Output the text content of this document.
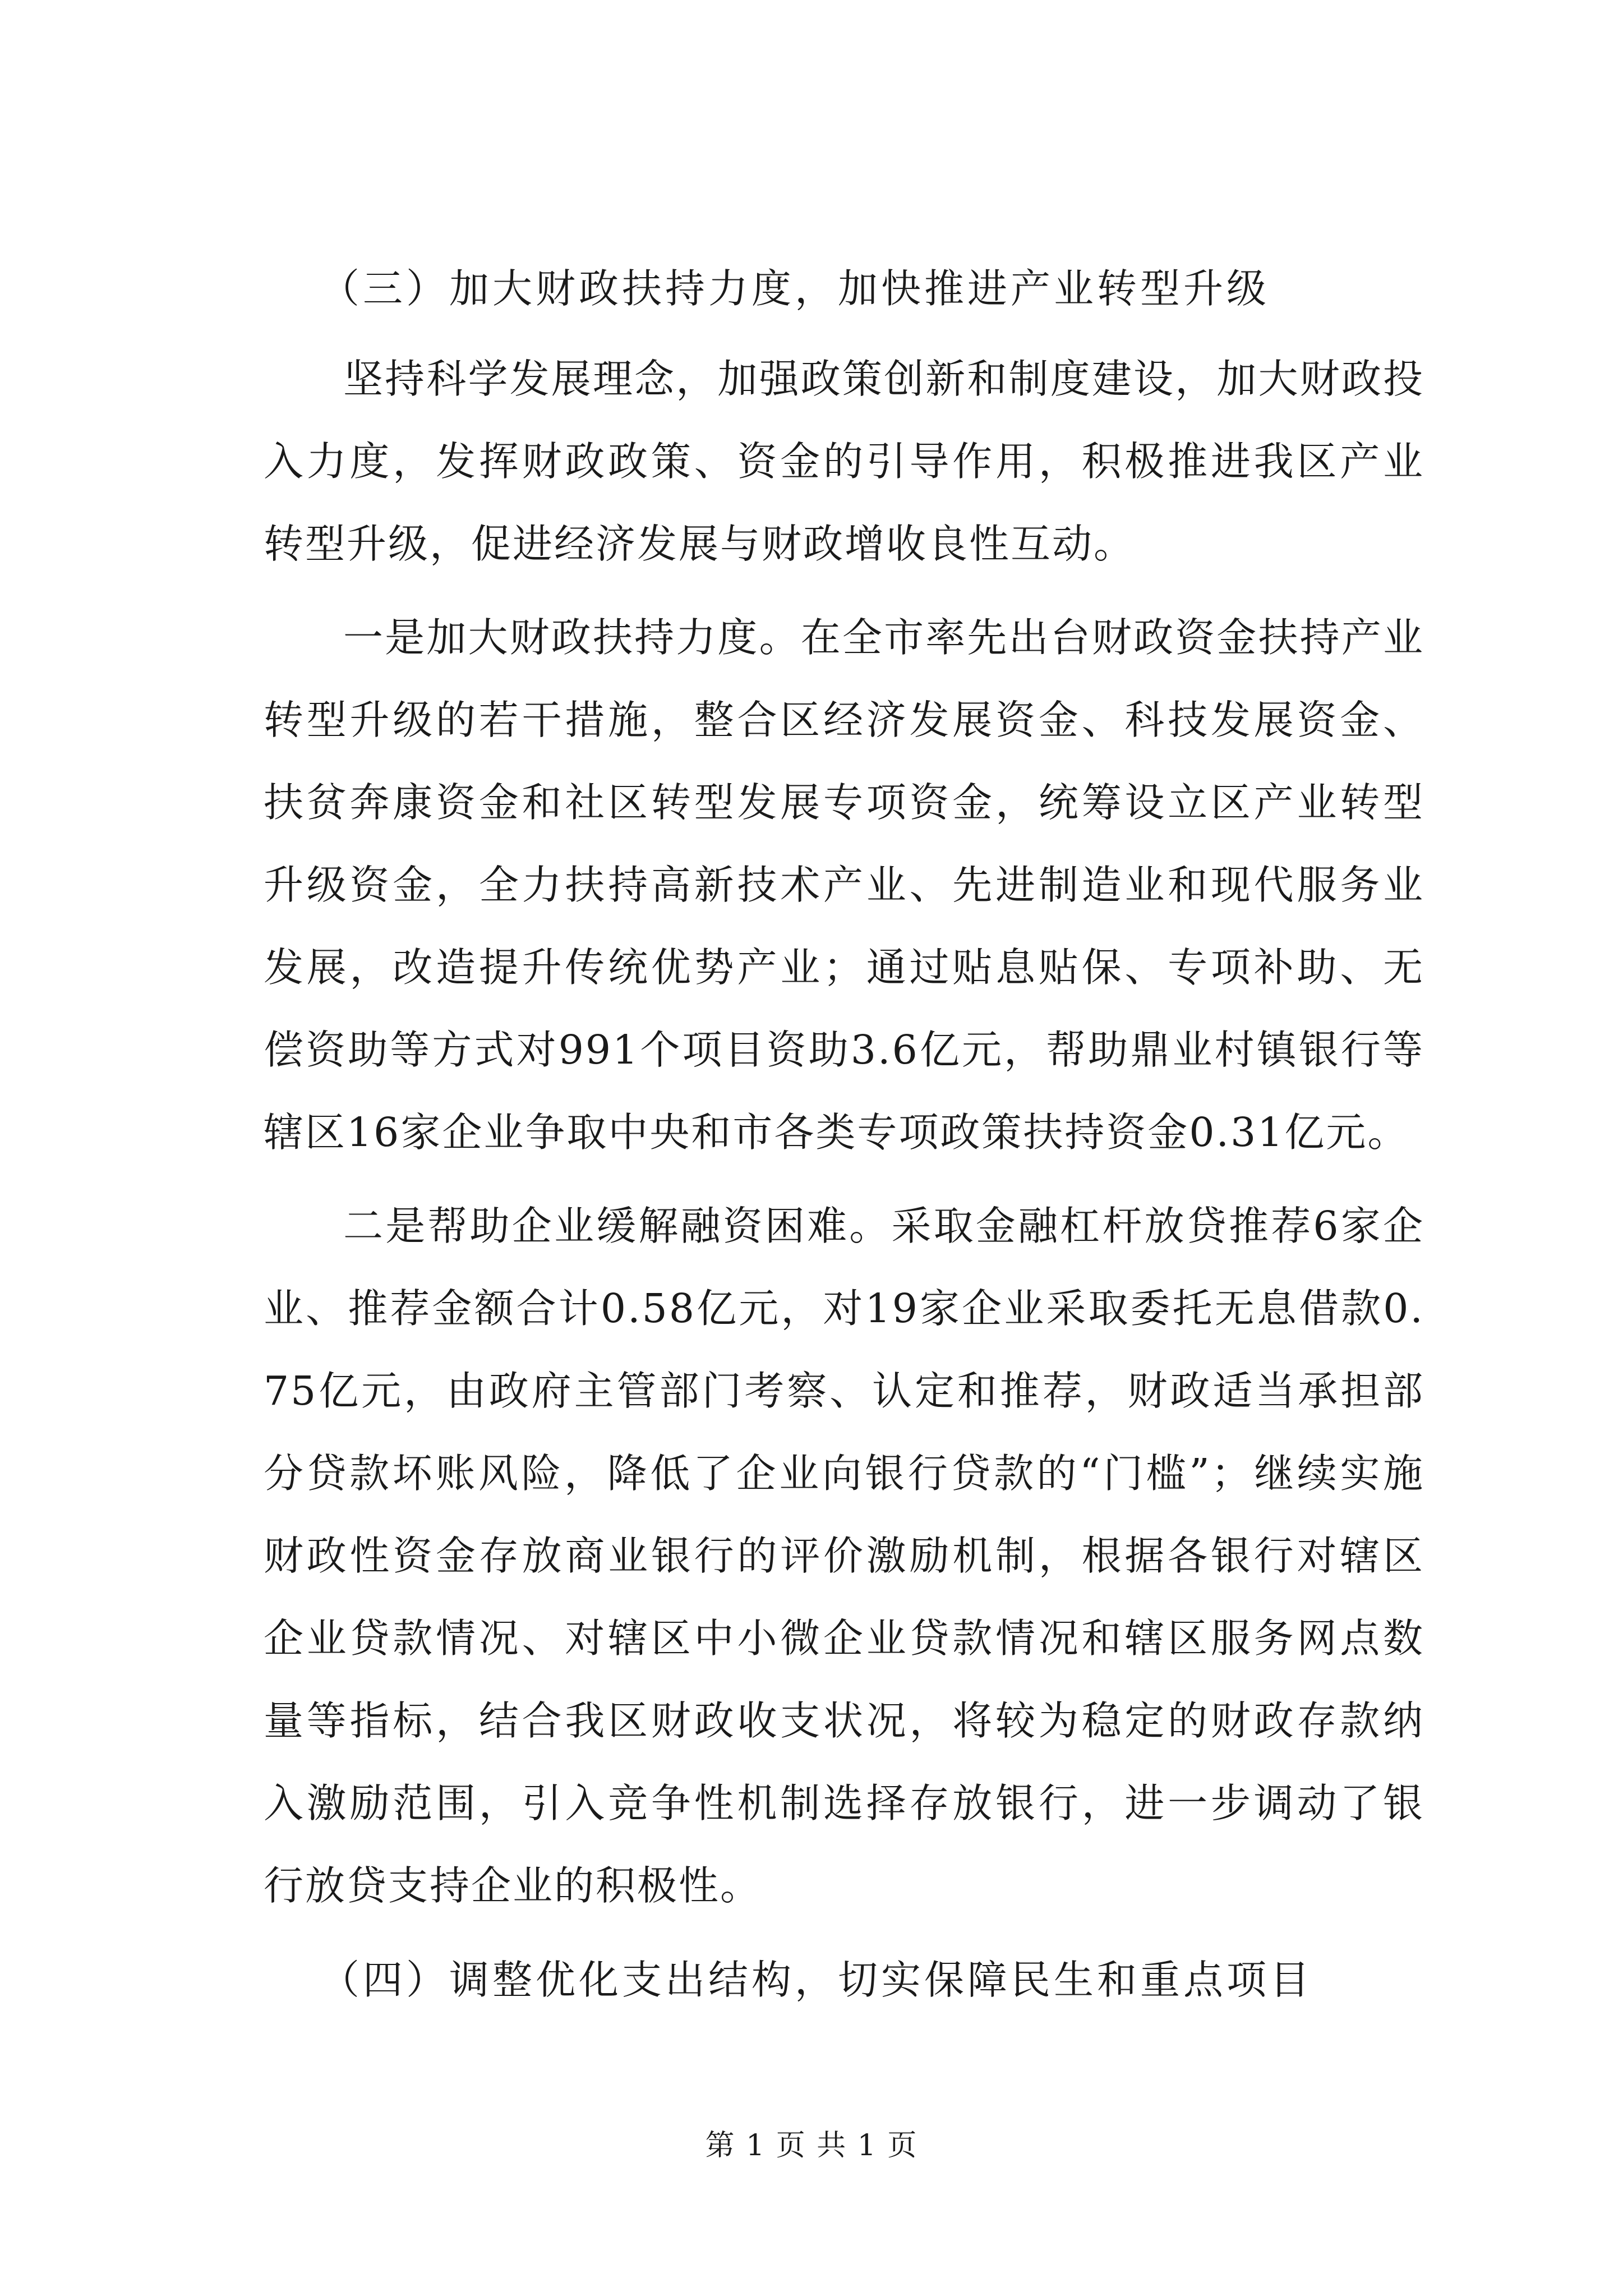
（三）加大财政扶持力度，加快推进产业转型升级

坚持科学发展理念，加强政策创新和制度建设，加大财政投入力度，发挥财政政策、资金的引导作用，积极推进我区产业转型升级，促进经济发展与财政增收良性互动。

一是加大财政扶持力度。在全市率先出台财政资金扶持产业转型升级的若干措施，整合区经济发展资金、科技发展资金、扶贫奔康资金和社区转型发展专项资金，统筹设立区产业转型升级资金，全力扶持高新技术产业、先进制造业和现代服务业发展，改造提升传统优势产业；通过贴息贴保、专项补助、无偿资助等方式对991个项目资助3.6亿元，帮助鼎业村镇银行等辖区16家企业争取中央和市各类专项政策扶持资金0.31亿元。

二是帮助企业缓解融资困难。采取金融杠杆放贷推荐6家企业、推荐金额合计0.58亿元，对19家企业采取委托无息借款0.75亿元，由政府主管部门考察、认定和推荐，财政适当承担部分贷款坏账风险，降低了企业向银行贷款的“门槛”；继续实施财政性资金存放商业银行的评价激励机制，根据各银行对辖区企业贷款情况、对辖区中小微企业贷款情况和辖区服务网点数量等指标，结合我区财政收支状况，将较为稳定的财政存款纳入激励范围，引入竞争性机制选择存放银行，进一步调动了银行放贷支持企业的积极性。

（四）调整优化支出结构，切实保障民生和重点项目
第 1 页 共 1 页
